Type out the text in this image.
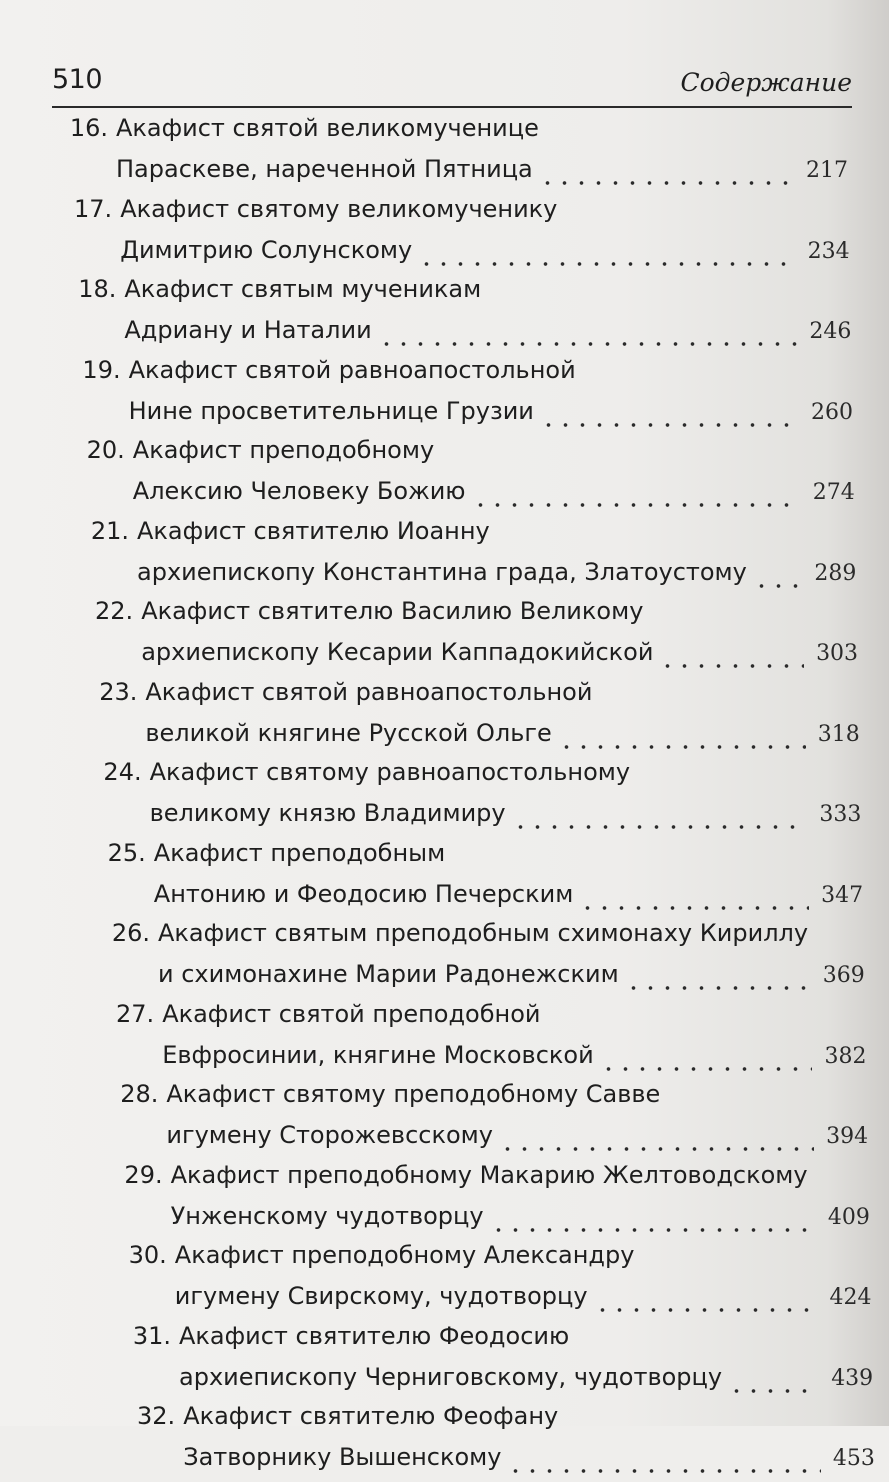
510	Содержание
16. Акафист святой великомученице
Параскеве, нареченной Пятница	217
17. Акафист святому великомученику
Димитрию Солунскому	234
18. Акафист святым мученикам
Адриану и Наталии	246
19. Акафист святой равноапостольной
Нине просветительнице Грузии	260
20. Акафист преподобному
Алексию Человеку Божию	274
21. Акафист святителю Иоанну
архиепископу Константина града, Златоустому	289
22. Акафист святителю Василию Великому
архиепископу Кесарии Каппадокийской	303
23. Акафист святой равноапостольной
великой княгине Русской Ольге	318
24. Акафист святому равноапостольному
великому князю Владимиру	333
25. Акафист преподобным
Антонию и Феодосию Печерским	347
26. Акафист святым преподобным схимонаху Кириллу
и схимонахине Марии Радонежским	369
27. Акафист святой преподобной
Евфросинии, княгине Московской	382
28. Акафист святому преподобному Савве
игумену Сторожевсскому	394
29. Акафист преподобному Макарию Желтоводскому
Унженскому чудотворцу	409
30. Акафист преподобному Александру
игумену Свирскому, чудотворцу	424
31. Акафист святителю Феодосию
архиепископу Черниговскому, чудотворцу	439
32. Акафист святителю Феофану
Затворнику Вышенскому	453
